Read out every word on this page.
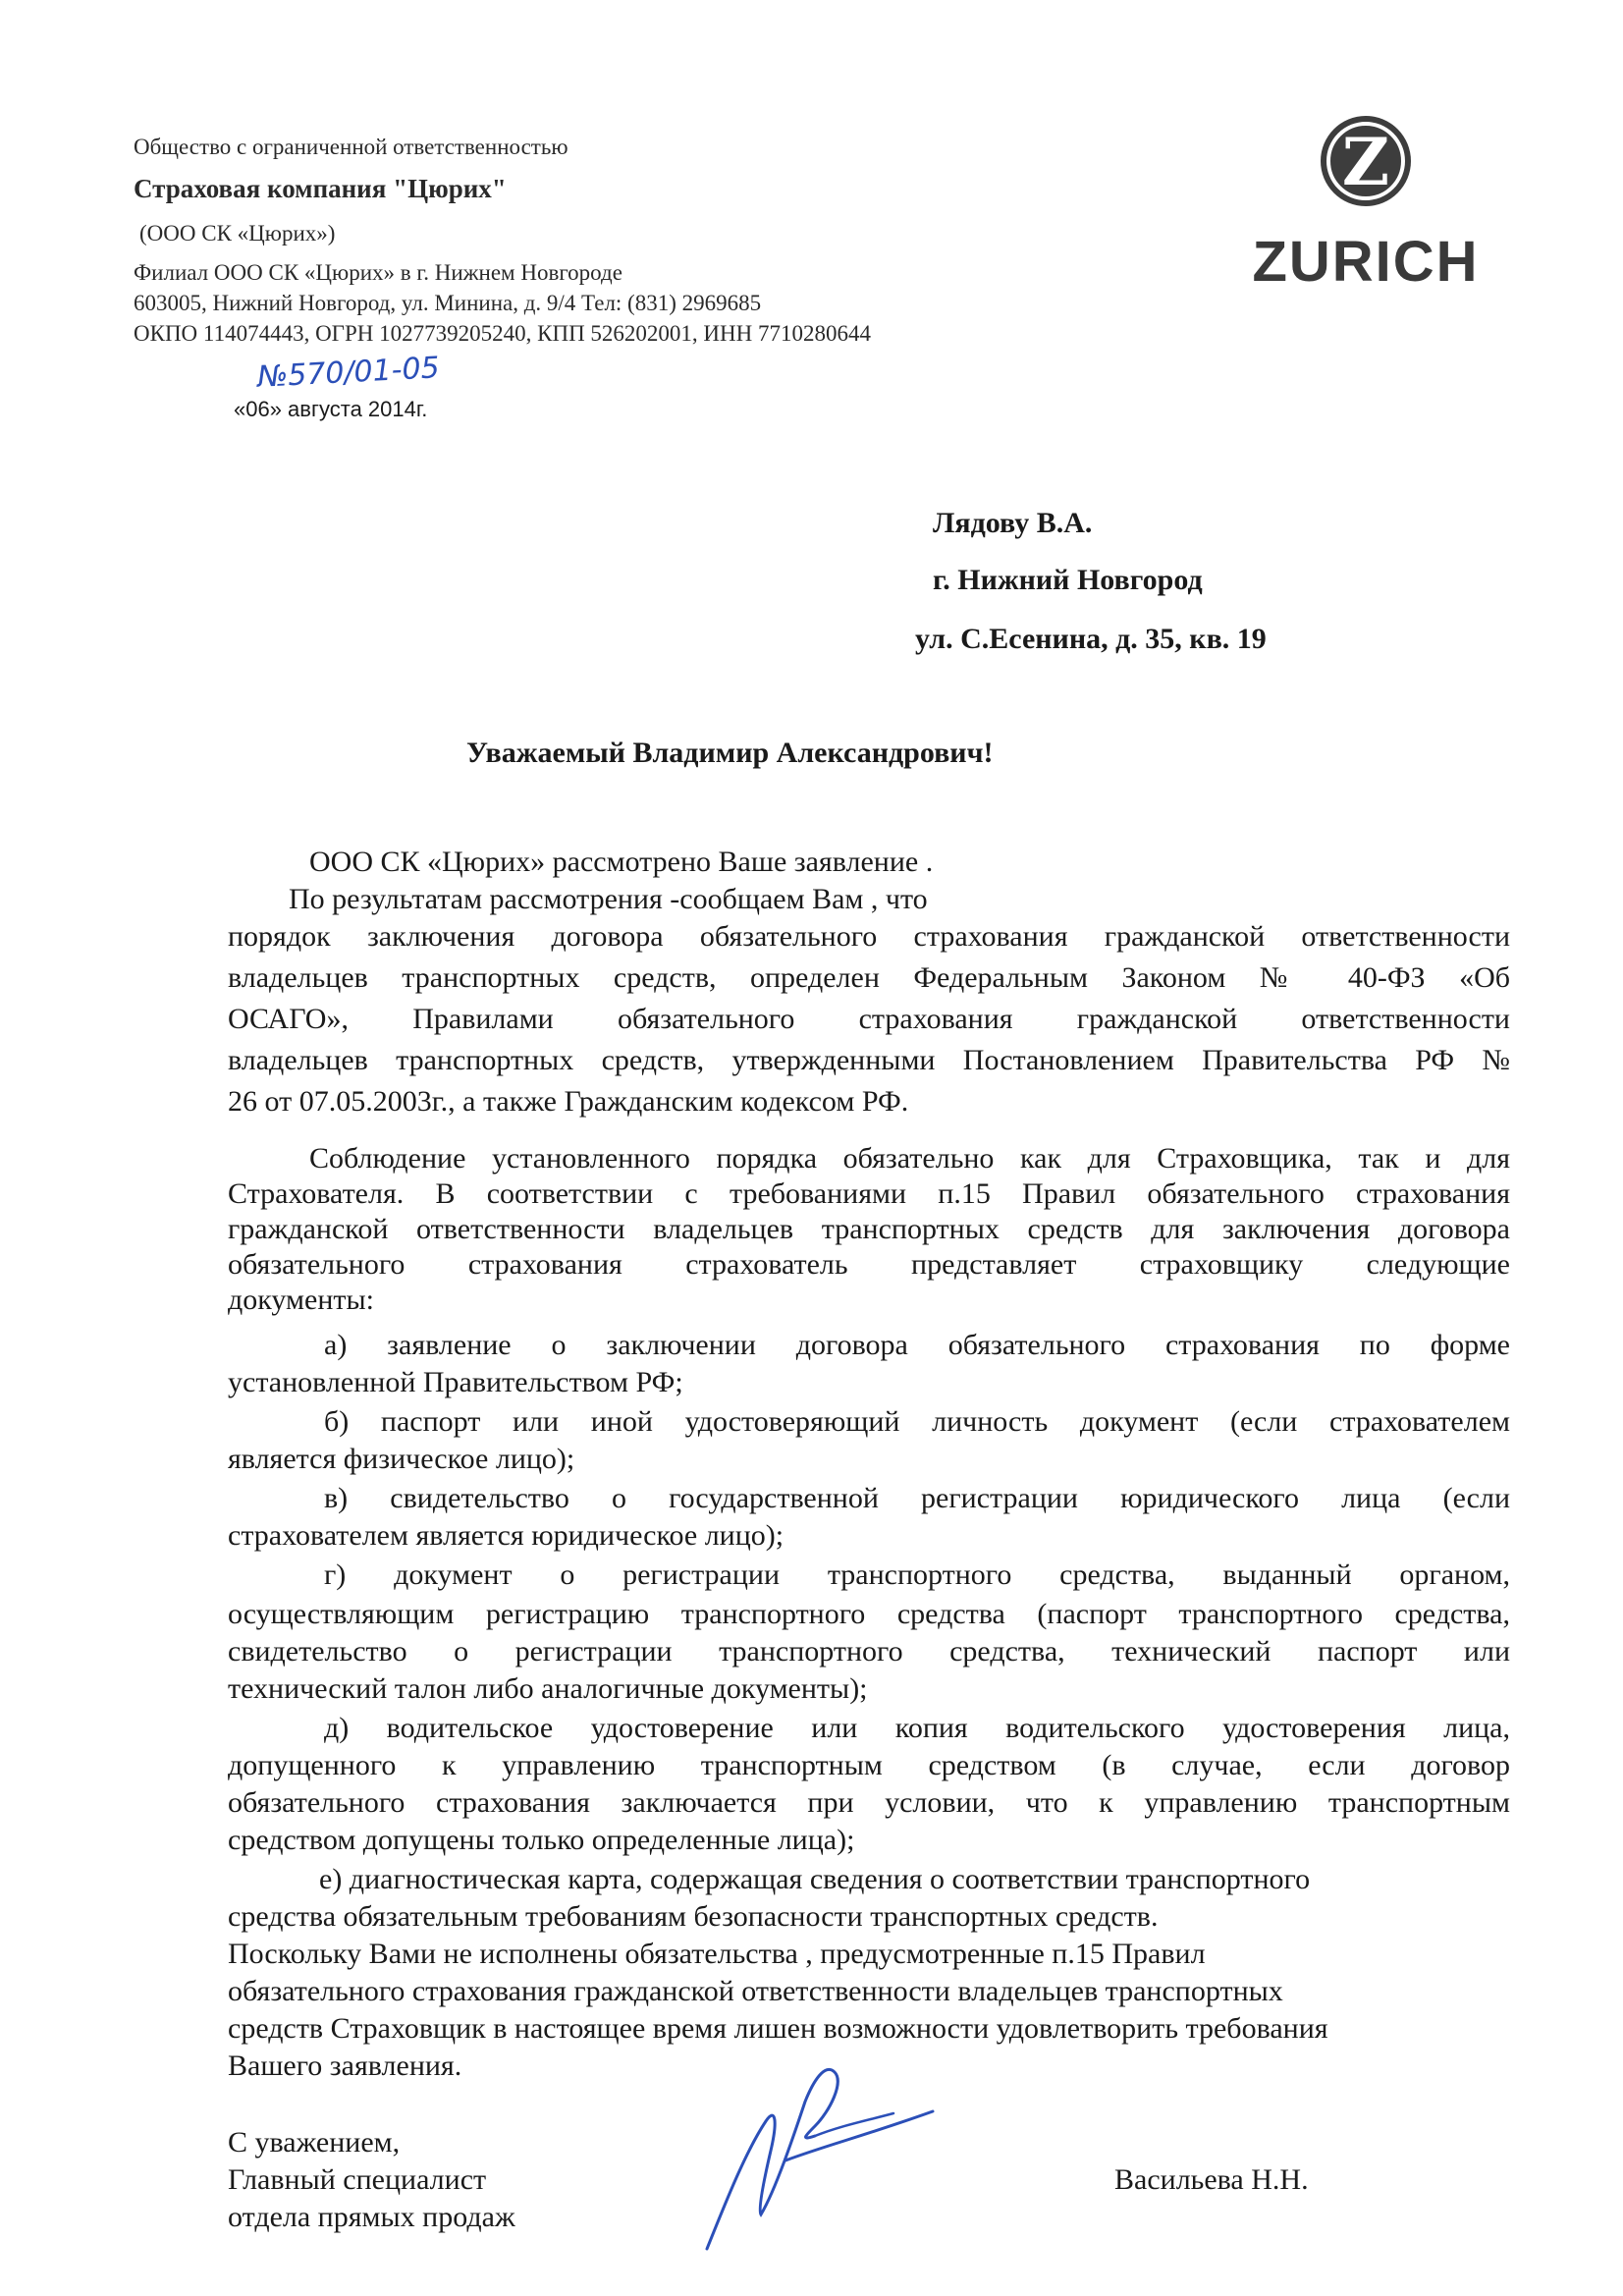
Общество с ограниченной ответственностью
Страховая компания "Цюрих"
(ООО СК «Цюрих»)
Филиал ООО СК «Цюрих» в г. Нижнем Новгороде
603005, Нижний Новгород, ул. Минина, д. 9/4 Тел: (831) 2969685
ОКПО 114074443, ОГРН 1027739205240, КПП 526202001, ИНН 7710280644
№570/01-05
«06» августа 2014г.
Z
ZURICH
Лядову В.А.
г. Нижний Новгород
ул. С.Есенина, д. 35, кв. 19
Уважаемый Владимир Александрович!
ООО СК «Цюрих» рассмотрено Ваше заявление .
По результатам рассмотрения -сообщаем Вам , что
порядок заключения договора обязательного страхования гражданской ответственности
владельцев транспортных средств, определен Федеральным Законом № 40-ФЗ «Об
ОСАГО», Правилами обязательного страхования гражданской ответственности
владельцев транспортных средств, утвержденными Постановлением Правительства РФ №
26 от 07.05.2003г., а также Гражданским кодексом РФ.
Соблюдение установленного порядка обязательно как для Страховщика, так и для
Страхователя. В соответствии с требованиями п.15 Правил обязательного страхования
гражданской ответственности владельцев транспортных средств для заключения договора
обязательного страхования страхователь представляет страховщику следующие
документы:
а) заявление о заключении договора обязательного страхования по форме
установленной Правительством РФ;
б) паспорт или иной удостоверяющий личность документ (если страхователем
является физическое лицо);
в) свидетельство о государственной регистрации юридического лица (если
страхователем является юридическое лицо);
г) документ о регистрации транспортного средства, выданный органом,
осуществляющим регистрацию транспортного средства (паспорт транспортного средства,
свидетельство о регистрации транспортного средства, технический паспорт или
технический талон либо аналогичные документы);
д) водительское удостоверение или копия водительского удостоверения лица,
допущенного к управлению транспортным средством (в случае, если договор
обязательного страхования заключается при условии, что к управлению транспортным
средством допущены только определенные лица);
е) диагностическая карта, содержащая сведения о соответствии транспортного
средства обязательным требованиям безопасности транспортных средств.
Поскольку Вами не исполнены обязательства , предусмотренные п.15 Правил
обязательного страхования гражданской ответственности владельцев транспортных
средств Страховщик в настоящее время лишен возможности удовлетворить требования
Вашего заявления.
С уважением,
Главный специалист
отдела прямых продаж
Васильева Н.Н.
